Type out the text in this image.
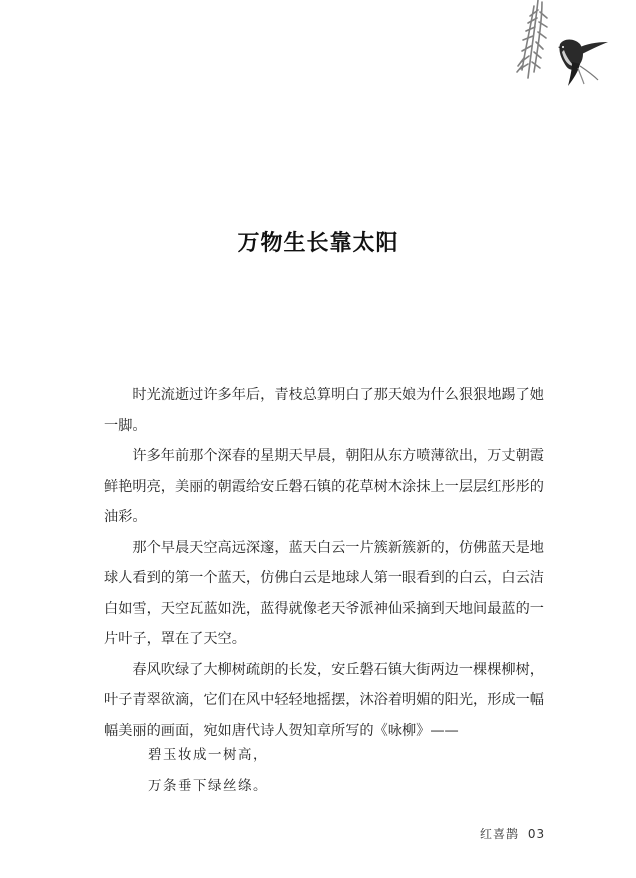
万物生长靠太阳

时光流逝过许多年后，青枝总算明白了那天娘为什么狠狠地踢了她一脚。

许多年前那个深春的星期天早晨，朝阳从东方喷薄欲出，万丈朝霞鲜艳明亮，美丽的朝霞给安丘磐石镇的花草树木涂抹上一层层红彤彤的油彩。

那个早晨天空高远深邃，蓝天白云一片簇新簇新的，仿佛蓝天是地球人看到的第一个蓝天，仿佛白云是地球人第一眼看到的白云，白云洁白如雪，天空瓦蓝如洗，蓝得就像老天爷派神仙采摘到天地间最蓝的一片叶子，罩在了天空。

春风吹绿了大柳树疏朗的长发，安丘磐石镇大街两边一棵棵柳树，叶子青翠欲滴，它们在风中轻轻地摇摆，沐浴着明媚的阳光，形成一幅幅美丽的画面，宛如唐代诗人贺知章所写的《咏柳》——

碧玉妆成一树高，
万条垂下绿丝绦。
红喜鹊 03
